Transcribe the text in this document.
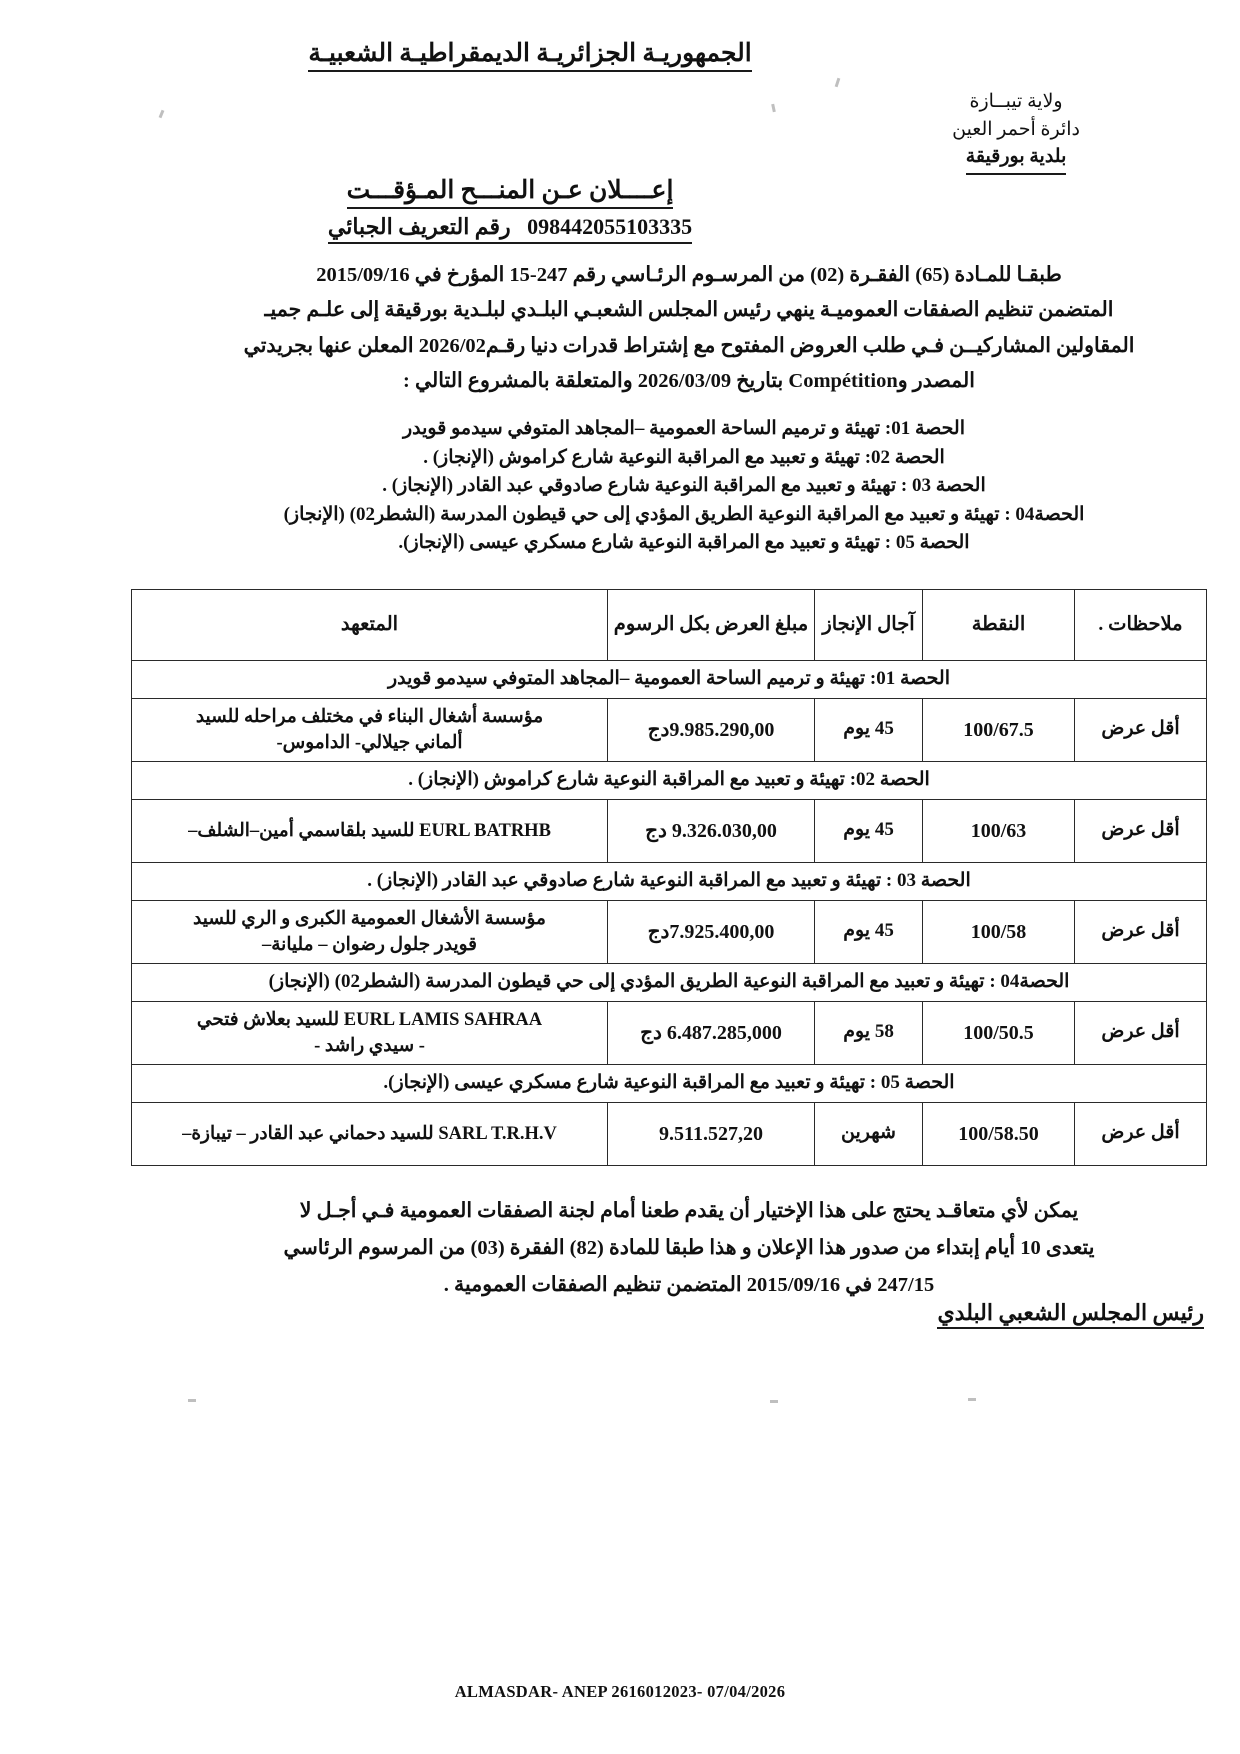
الجمهوريـة الجزائريـة الديمقراطيـة الشعبيـة
ولاية تيبــازة
دائرة أحمر العين
بلدية بورقيقة
إعــــلان عـن المنـــح المـؤقـــت
098442055103335   رقم التعريف الجبائي
طبقـا للمـادة (65) الفقـرة (02) من المرسـوم الرئـاسي رقم 247-15 المؤرخ في 2015/09/16
المتضمن تنظيم الصفقات العموميـة ينهي رئيس المجلس الشعبـي البلـدي لبلـدية بورقيقة إلى علـم جميـ
المقاولين المشاركيــن فـي طلب العروض المفتوح مع إشتراط قدرات دنيا رقـم2026/02 المعلن عنها بجريدتي
المصدر وCompétition بتاريخ 2026/03/09 والمتعلقة بالمشروع التالي :
الحصة 01: تهيئة و ترميم الساحة العمومية –المجاهد المتوفي سيدمو قويدر
الحصة 02: تهيئة و تعبيد مع المراقبة النوعية شارع كراموش (الإنجاز) .
الحصة 03 : تهيئة و تعبيد مع المراقبة النوعية شارع صادوقي عبد القادر (الإنجاز) .
الحصة04 : تهيئة و تعبيد مع المراقبة النوعية الطريق المؤدي إلى حي قيطون المدرسة (الشطر02) (الإنجاز)
الحصة 05 : تهيئة و تعبيد مع المراقبة النوعية شارع مسكري عيسى (الإنجاز).
ملاحظات .	النقطة	آجال الإنجاز	مبلغ العرض بكل الرسوم	المتعهد
الحصة 01: تهيئة و ترميم الساحة العمومية –المجاهد المتوفي سيدمو قويدر				
أقل عرض	100/67.5	45 يوم	9.985.290,00دج	مؤسسة أشغال البناء في مختلف مراحله للسيد
ألماني جيلالي- الداموس-

الحصة 02: تهيئة و تعبيد مع المراقبة النوعية شارع كراموش (الإنجاز) .				
أقل عرض	100/63	45 يوم	9.326.030,00 دج	EURL BATRHB للسيد بلقاسمي أمين–الشلف–

الحصة 03 : تهيئة و تعبيد مع المراقبة النوعية شارع صادوقي عبد القادر (الإنجاز) .				
أقل عرض	100/58	45 يوم	7.925.400,00دج	مؤسسة الأشغال العمومية الكبرى و الري للسيد
قويدر جلول رضوان – مليانة–

الحصة04 : تهيئة و تعبيد مع المراقبة النوعية الطريق المؤدي إلى حي قيطون المدرسة (الشطر02) (الإنجاز)				
أقل عرض	100/50.5	58 يوم	6.487.285,000 دج	EURL LAMIS SAHRAA للسيد بعلاش فتحي
- سيدي راشد -

الحصة 05 : تهيئة و تعبيد مع المراقبة النوعية شارع مسكري عيسى (الإنجاز).				
أقل عرض	100/58.50	شهرين	9.511.527,20	SARL T.R.H.V للسيد دحماني عبد القادر – تيبازة–
يمكن لأي متعاقـد يحتج على هذا الإختيار أن يقدم طعنا أمام لجنة الصفقات العمومية فـي أجـل لا
يتعدى 10 أيام إبتداء من صدور هذا الإعلان و هذا طبقا للمادة (82) الفقرة (03) من المرسوم الرئاسي
247/15 في 2015/09/16 المتضمن تنظيم الصفقات العمومية .
رئيس المجلس الشعبي البلدي
ALMASDAR- ANEP 2616012023- 07/04/2026
